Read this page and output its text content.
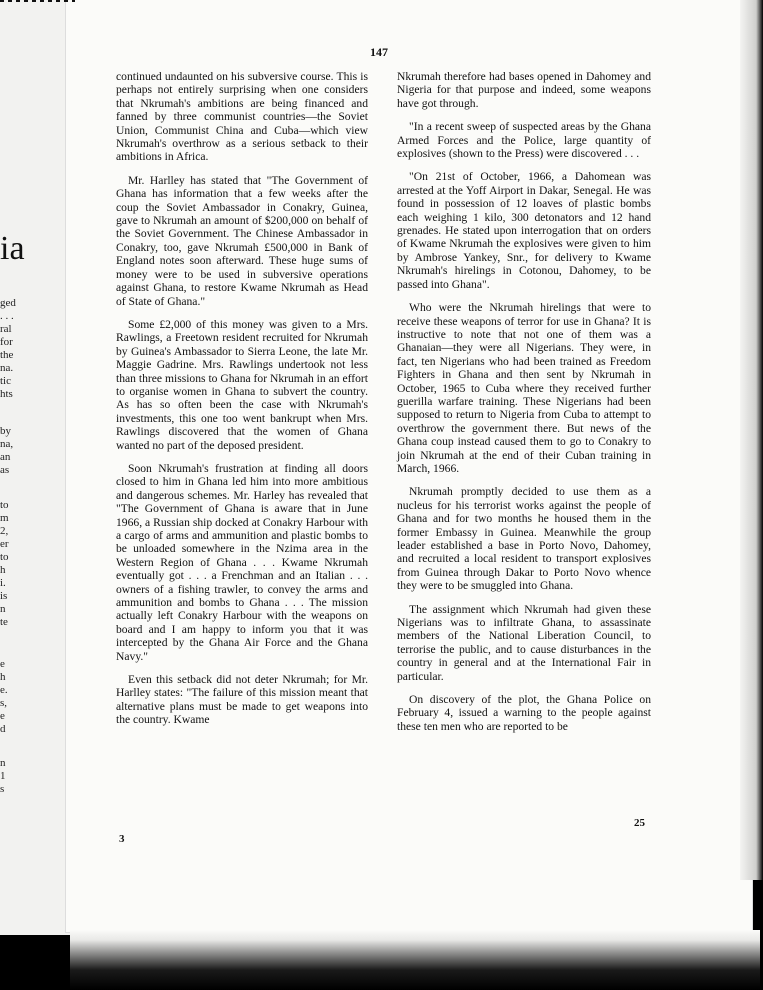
ia
ged
. . .
ral
for
the
na.
tic
hts
by
na,
an
as
to
m
2,
er
to
h
i.
is
n
te
e
h
e.
s,
e
d
n
1
s
147

continued undaunted on his subversive course. This is perhaps not entirely surprising when one considers that Nkrumah's ambitions are being financed and fanned by three communist countries—the Soviet Union, Communist China and Cuba—which view Nkrumah's overthrow as a serious setback to their ambitions in Africa.

Mr. Harlley has stated that "The Government of Ghana has information that a few weeks after the coup the Soviet Ambassador in Conakry, Guinea, gave to Nkrumah an amount of $200,000 on behalf of the Soviet Government. The Chinese Ambassador in Conakry, too, gave Nkrumah £500,000 in Bank of England notes soon afterward. These huge sums of money were to be used in subversive operations against Ghana, to restore Kwame Nkrumah as Head of State of Ghana."

Some £2,000 of this money was given to a Mrs. Rawlings, a Freetown resident recruited for Nkrumah by Guinea's Ambassador to Sierra Leone, the late Mr. Maggie Gadrine. Mrs. Rawlings undertook not less than three missions to Ghana for Nkrumah in an effort to organise women in Ghana to subvert the country. As has so often been the case with Nkrumah's investments, this one too went bankrupt when Mrs. Rawlings discovered that the women of Ghana wanted no part of the deposed president.

Soon Nkrumah's frustration at finding all doors closed to him in Ghana led him into more ambitious and dangerous schemes. Mr. Harley has revealed that "The Government of Ghana is aware that in June 1966, a Russian ship docked at Conakry Harbour with a cargo of arms and ammunition and plastic bombs to be unloaded somewhere in the Nzima area in the Western Region of Ghana . . . Kwame Nkrumah eventually got . . . a Frenchman and an Italian . . . owners of a fishing trawler, to convey the arms and ammunition and bombs to Ghana . . . The mission actually left Conakry Harbour with the weapons on board and I am happy to inform you that it was intercepted by the Ghana Air Force and the Ghana Navy."

Even this setback did not deter Nkrumah; for Mr. Harlley states: "The failure of this mission meant that alternative plans must be made to get weapons into the country. Kwame

Nkrumah therefore had bases opened in Dahomey and Nigeria for that purpose and indeed, some weapons have got through.

"In a recent sweep of suspected areas by the Ghana Armed Forces and the Police, large quantity of explosives (shown to the Press) were discovered . . .

"On 21st of October, 1966, a Dahomean was arrested at the Yoff Airport in Dakar, Senegal. He was found in possession of 12 loaves of plastic bombs each weighing 1 kilo, 300 detonators and 12 hand grenades. He stated upon interrogation that on orders of Kwame Nkrumah the explosives were given to him by Ambrose Yankey, Snr., for delivery to Kwame Nkrumah's hirelings in Cotonou, Dahomey, to be passed into Ghana".

Who were the Nkrumah hirelings that were to receive these weapons of terror for use in Ghana? It is instructive to note that not one of them was a Ghanaian—they were all Nigerians. They were, in fact, ten Nigerians who had been trained as Freedom Fighters in Ghana and then sent by Nkrumah in October, 1965 to Cuba where they received further guerilla warfare training. These Nigerians had been supposed to return to Nigeria from Cuba to attempt to overthrow the government there. But news of the Ghana coup instead caused them to go to Conakry to join Nkrumah at the end of their Cuban training in March, 1966.

Nkrumah promptly decided to use them as a nucleus for his terrorist works against the people of Ghana and for two months he housed them in the former Embassy in Guinea. Meanwhile the group leader established a base in Porto Novo, Dahomey, and recruited a local resident to transport explosives from Guinea through Dakar to Porto Novo whence they were to be smuggled into Ghana.

The assignment which Nkrumah had given these Nigerians was to infiltrate Ghana, to assassinate members of the National Liberation Council, to terrorise the public, and to cause disturbances in the country in general and at the International Fair in particular.

On discovery of the plot, the Ghana Police on February 4, issued a warning to the people against these ten men who are reported to be

3
25
